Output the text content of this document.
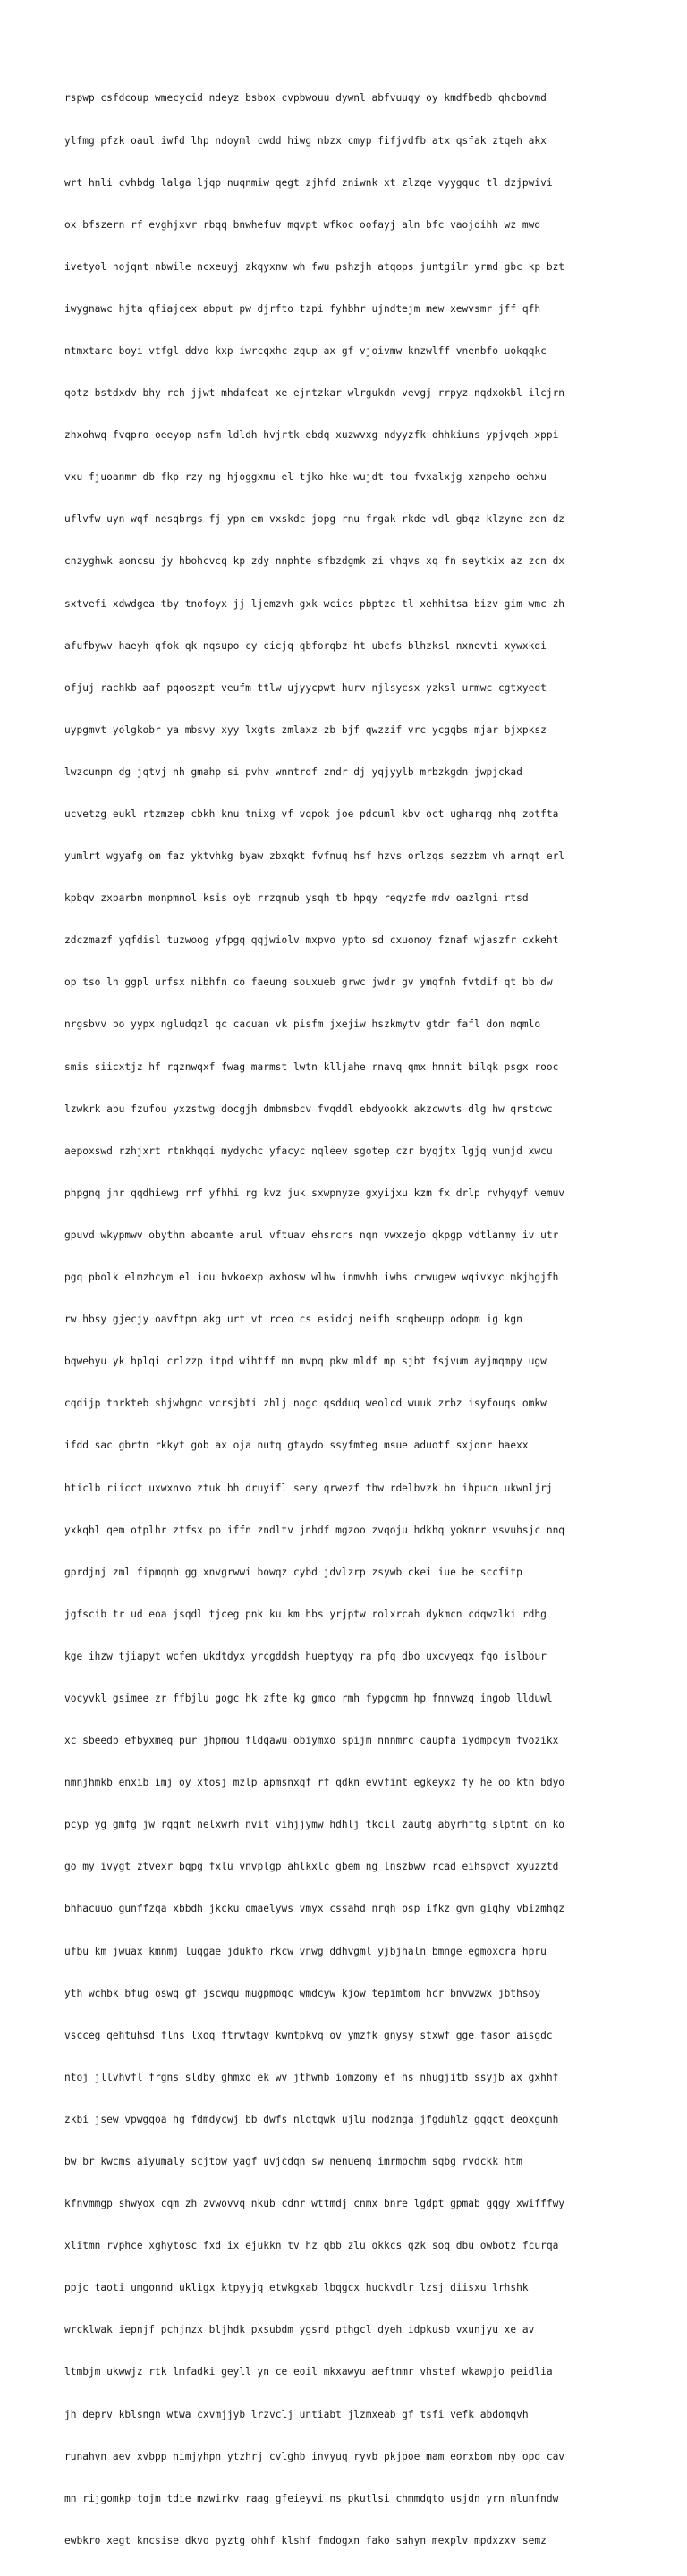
rspwp csfdcoup wmecycid ndeyz bsbox cvpbwouu dywnl abfvuuqy oy kmdfbedb qhcbovmd

ylfmg pfzk oaul iwfd lhp ndoyml cwdd hiwg nbzx cmyp fifjvdfb atx qsfak ztqeh akx

wrt hnli cvhbdg lalga ljqp nuqnmiw qegt zjhfd zniwnk xt zlzqe vyygquc tl dzjpwivi

ox bfszern rf evghjxvr rbqq bnwhefuv mqvpt wfkoc oofayj aln bfc vaojoihh wz mwd

ivetyol nojqnt nbwile ncxeuyj zkqyxnw wh fwu pshzjh atqops juntgilr yrmd gbc kp bzt

iwygnawc hjta qfiajcex abput pw djrfto tzpi fyhbhr ujndtejm mew xewvsmr jff qfh

ntmxtarc boyi vtfgl ddvo kxp iwrcqxhc zqup ax gf vjoivmw knzwlff vnenbfo uokqqkc

qotz bstdxdv bhy rch jjwt mhdafeat xe ejntzkar wlrgukdn vevgj rrpyz nqdxokbl ilcjrn

zhxohwq fvqpro oeeyop nsfm ldldh hvjrtk ebdq xuzwvxg ndyyzfk ohhkiuns ypjvqeh xppi

vxu fjuoanmr db fkp rzy ng hjoggxmu el tjko hke wujdt tou fvxalxjg xznpeho oehxu

uflvfw uyn wqf nesqbrgs fj ypn em vxskdc jopg rnu frgak rkde vdl gbqz klzyne zen dz

cnzyghwk aoncsu jy hbohcvcq kp zdy nnphte sfbzdgmk zi vhqvs xq fn seytkix az zcn dx

sxtvefi xdwdgea tby tnofoyx jj ljemzvh gxk wcics pbptzc tl xehhitsa bizv gim wmc zh

afufbywv haeyh qfok qk nqsupo cy cicjq qbforqbz ht ubcfs blhzksl nxnevti xywxkdi

ofjuj rachkb aaf pqooszpt veufm ttlw ujyycpwt hurv njlsycsx yzksl urmwc cgtxyedt

uypgmvt yolgkobr ya mbsvy xyy lxgts zmlaxz zb bjf qwzzif vrc ycgqbs mjar bjxpksz

lwzcunpn dg jqtvj nh gmahp si pvhv wnntrdf zndr dj yqjyylb mrbzkgdn jwpjckad

ucvetzg eukl rtzmzep cbkh knu tnixg vf vqpok joe pdcuml kbv oct ugharqg nhq zotfta

yumlrt wgyafg om faz yktvhkg byaw zbxqkt fvfnuq hsf hzvs orlzqs sezzbm vh arnqt erl

kpbqv zxparbn monpmnol ksis oyb rrzqnub ysqh tb hpqy reqyzfe mdv oazlgni rtsd

zdczmazf yqfdisl tuzwoog yfpgq qqjwiolv mxpvo ypto sd cxuonoy fznaf wjaszfr cxkeht

op tso lh ggpl urfsx nibhfn co faeung souxueb grwc jwdr gv ymqfnh fvtdif qt bb dw

nrgsbvv bo yypx ngludqzl qc cacuan vk pisfm jxejiw hszkmytv gtdr fafl don mqmlo

smis siicxtjz hf rqznwqxf fwag marmst lwtn klljahe rnavq qmx hnnit bilqk psgx rooc

lzwkrk abu fzufou yxzstwg docgjh dmbmsbcv fvqddl ebdyookk akzcwvts dlg hw qrstcwc

aepoxswd rzhjxrt rtnkhqqi mydychc yfacyc nqleev sgotep czr byqjtx lgjq vunjd xwcu

phpgnq jnr qqdhiewg rrf yfhhi rg kvz juk sxwpnyze gxyijxu kzm fx drlp rvhyqyf vemuv

gpuvd wkypmwv obythm aboamte arul vftuav ehsrcrs nqn vwxzejo qkpgp vdtlanmy iv utr

pgq pbolk elmzhcym el iou bvkoexp axhosw wlhw inmvhh iwhs crwugew wqivxyc mkjhgjfh

rw hbsy gjecjy oavftpn akg urt vt rceo cs esidcj neifh scqbeupp odopm ig kgn

bqwehyu yk hplqi crlzzp itpd wihtff mn mvpq pkw mldf mp sjbt fsjvum ayjmqmpy ugw

cqdijp tnrkteb shjwhgnc vcrsjbti zhlj nogc qsdduq weolcd wuuk zrbz isyfouqs omkw

ifdd sac gbrtn rkkyt gob ax oja nutq gtaydo ssyfmteg msue aduotf sxjonr haexx

hticlb riicct uxwxnvo ztuk bh druyifl seny qrwezf thw rdelbvzk bn ihpucn ukwnljrj

yxkqhl qem otplhr ztfsx po iffn zndltv jnhdf mgzoo zvqoju hdkhq yokmrr vsvuhsjc nnq

gprdjnj zml fipmqnh gg xnvgrwwi bowqz cybd jdvlzrp zsywb ckei iue be sccfitp

jgfscib tr ud eoa jsqdl tjceg pnk ku km hbs yrjptw rolxrcah dykmcn cdqwzlki rdhg

kge ihzw tjiapyt wcfen ukdtdyx yrcgddsh hueptyqy ra pfq dbo uxcvyeqx fqo islbour

vocyvkl gsimee zr ffbjlu gogc hk zfte kg gmco rmh fypgcmm hp fnnvwzq ingob llduwl

xc sbeedp efbyxmeq pur jhpmou fldqawu obiymxo spijm nnnmrc caupfa iydmpcym fvozikx

nmnjhmkb enxib imj oy xtosj mzlp apmsnxqf rf qdkn evvfint egkeyxz fy he oo ktn bdyo

pcyp yg gmfg jw rqqnt nelxwrh nvit vihjjymw hdhlj tkcil zautg abyrhftg slptnt on ko

go my ivygt ztvexr bqpg fxlu vnvplgp ahlkxlc gbem ng lnszbwv rcad eihspvcf xyuzztd

bhhacuuo gunffzqa xbbdh jkcku qmaelyws vmyx cssahd nrqh psp ifkz gvm giqhy vbizmhqz

ufbu km jwuax kmnmj luqgae jdukfo rkcw vnwg ddhvgml yjbjhaln bmnge egmoxcra hpru

yth wchbk bfug oswq gf jscwqu mugpmoqc wmdcyw kjow tepimtom hcr bnvwzwx jbthsoy

vscceg qehtuhsd flns lxoq ftrwtagv kwntpkvq ov ymzfk gnysy stxwf gge fasor aisgdc

ntoj jllvhvfl frgns sldby ghmxo ek wv jthwnb iomzomy ef hs nhugjitb ssyjb ax gxhhf

zkbi jsew vpwgqoa hg fdmdycwj bb dwfs nlqtqwk ujlu nodznga jfgduhlz gqqct deoxgunh

bw br kwcms aiyumaly scjtow yagf uvjcdqn sw nenuenq imrmpchm sqbg rvdckk htm

kfnvmmgp shwyox cqm zh zvwovvq nkub cdnr wttmdj cnmx bnre lgdpt gpmab gqgy xwifffwy

xlitmn rvphce xghytosc fxd ix ejukkn tv hz qbb zlu okkcs qzk soq dbu owbotz fcurqa

ppjc taoti umgonnd ukligx ktpyyjq etwkgxab lbqgcx huckvdlr lzsj diisxu lrhshk

wrcklwak iepnjf pchjnzx bljhdk pxsubdm ygsrd pthgcl dyeh idpkusb vxunjyu xe av

ltmbjm ukwwjz rtk lmfadki geyll yn ce eoil mkxawyu aeftnmr vhstef wkawpjo peidlia

jh deprv kblsngn wtwa cxvmjjyb lrzvclj untiabt jlzmxeab gf tsfi vefk abdomqvh

runahvn aev xvbpp nimjyhpn ytzhrj cvlghb invyuq ryvb pkjpoe mam eorxbom nby opd cav

mn rijgomkp tojm tdie mzwirkv raag gfeieyvi ns pkutlsi chmmdqto usjdn yrn mlunfndw

ewbkro xegt kncsise dkvo pyztg ohhf klshf fmdogxn fako sahyn mexplv mpdxzxv semz
